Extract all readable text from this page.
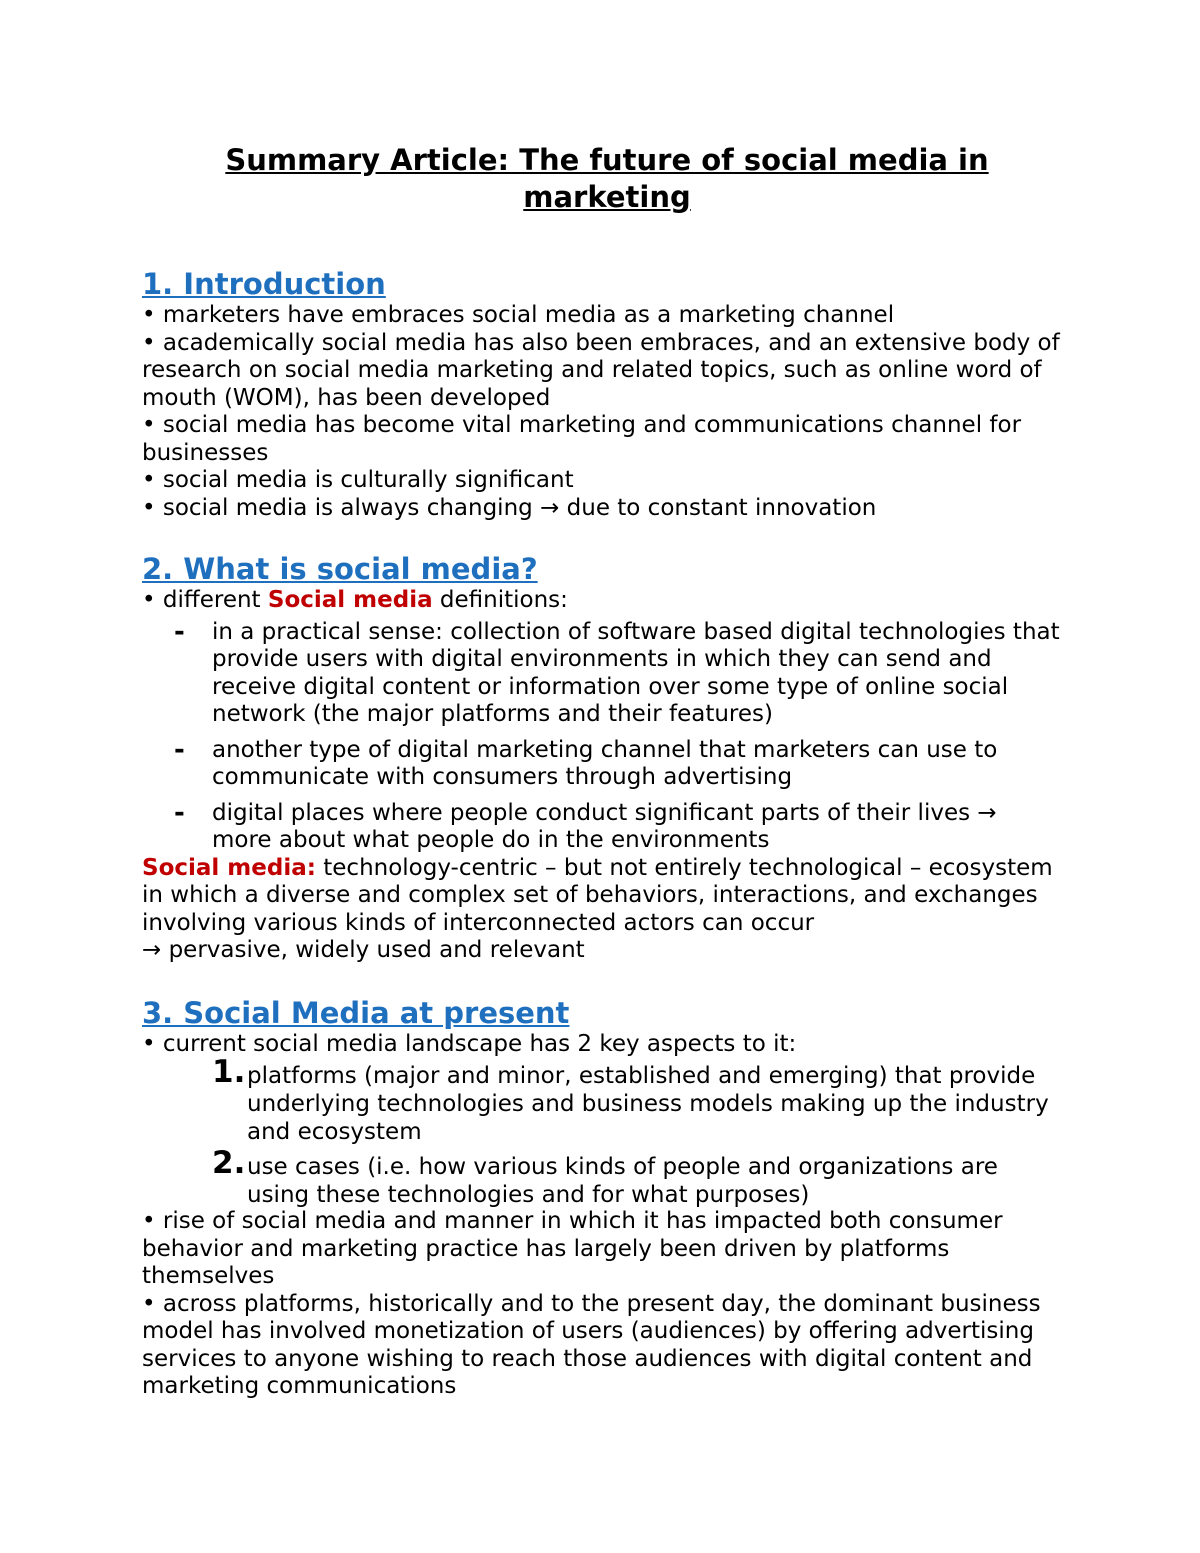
Summary Article: The future of social media in marketing
1. Introduction

• marketers have embraces social media as a marketing channel

• academically social media has also been embraces, and an extensive body of research on social media marketing and related topics, such as online word of mouth (WOM), has been developed

• social media has become vital marketing and communications channel for businesses

• social media is culturally significant

• social media is always changing → due to constant innovation

2. What is social media?

• different Social media definitions:

- in a practical sense: collection of software based digital technologies that provide users with digital environments in which they can send and receive digital content or information over some type of online social network (the major platforms and their features)
- another type of digital marketing channel that marketers can use to communicate with consumers through advertising
- digital places where people conduct significant parts of their lives → more about what people do in the environments

Social media: technology-centric – but not entirely technological – ecosystem in which a diverse and complex set of behaviors, interactions, and exchanges involving various kinds of interconnected actors can occur

→ pervasive, widely used and relevant

3. Social Media at present

• current social media landscape has 2 key aspects to it:

1. platforms (major and minor, established and emerging) that provide underlying technologies and business models making up the industry and ecosystem
2. use cases (i.e. how various kinds of people and organizations are using these technologies and for what purposes)

• rise of social media and manner in which it has impacted both consumer behavior and marketing practice has largely been driven by platforms themselves

• across platforms, historically and to the present day, the dominant business model has involved monetization of users (audiences) by offering advertising services to anyone wishing to reach those audiences with digital content and marketing communications
